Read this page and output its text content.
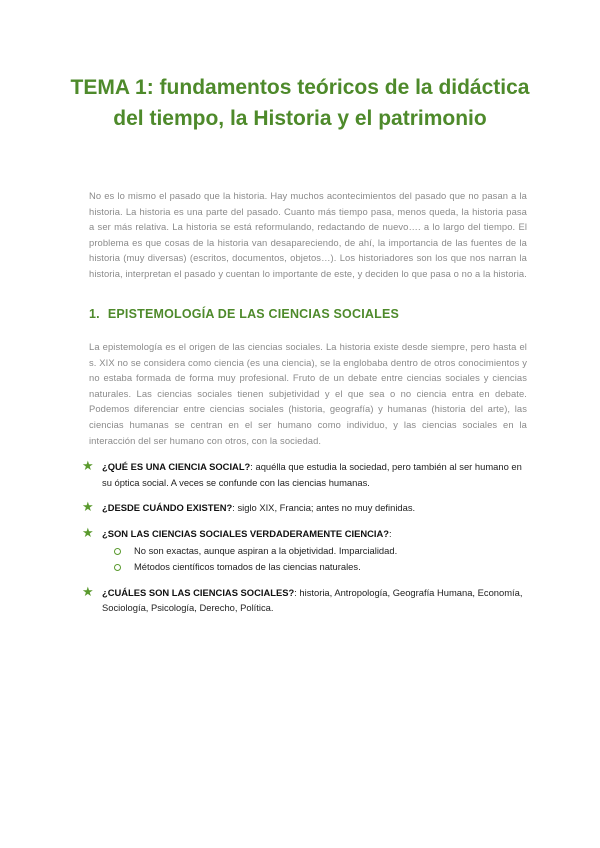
TEMA 1: fundamentos teóricos de la didáctica del tiempo, la Historia y el patrimonio

No es lo mismo el pasado que la historia. Hay muchos acontecimientos del pasado que no pasan a la historia. La historia es una parte del pasado. Cuanto más tiempo pasa, menos queda, la historia pasa a ser más relativa. La historia se está reformulando, redactando de nuevo…. a lo largo del tiempo. El problema es que cosas de la historia van desapareciendo, de ahí, la importancia de las fuentes de la historia (muy diversas) (escritos, documentos, objetos…). Los historiadores son los que nos narran la historia, interpretan el pasado y cuentan lo importante de este, y deciden lo que pasa o no a la historia.

1. EPISTEMOLOGÍA DE LAS CIENCIAS SOCIALES

La epistemología es el origen de las ciencias sociales. La historia existe desde siempre, pero hasta el s. XIX no se considera como ciencia (es una ciencia), se la englobaba dentro de otros conocimientos y no estaba formada de forma muy profesional. Fruto de un debate entre ciencias sociales y ciencias naturales. Las ciencias sociales tienen subjetividad y el que sea o no ciencia entra en debate. Podemos diferenciar entre ciencias sociales (historia, geografía) y humanas (historia del arte), las ciencias humanas se centran en el ser humano como individuo, y las ciencias sociales en la interacción del ser humano con otros, con la sociedad.

★ ¿QUÉ ES UNA CIENCIA SOCIAL?: aquélla que estudia la sociedad, pero también al ser humano en su óptica social. A veces se confunde con las ciencias humanas.
★ ¿DESDE CUÁNDO EXISTEN?: siglo XIX, Francia; antes no muy definidas.
★ ¿SON LAS CIENCIAS SOCIALES VERDADERAMENTE CIENCIA?:
No son exactas, aunque aspiran a la objetividad. Imparcialidad.
Métodos científicos tomados de las ciencias naturales.
★ ¿CUÁLES SON LAS CIENCIAS SOCIALES?: historia, Antropología, Geografía Humana, Economía, Sociología, Psicología, Derecho, Política.
